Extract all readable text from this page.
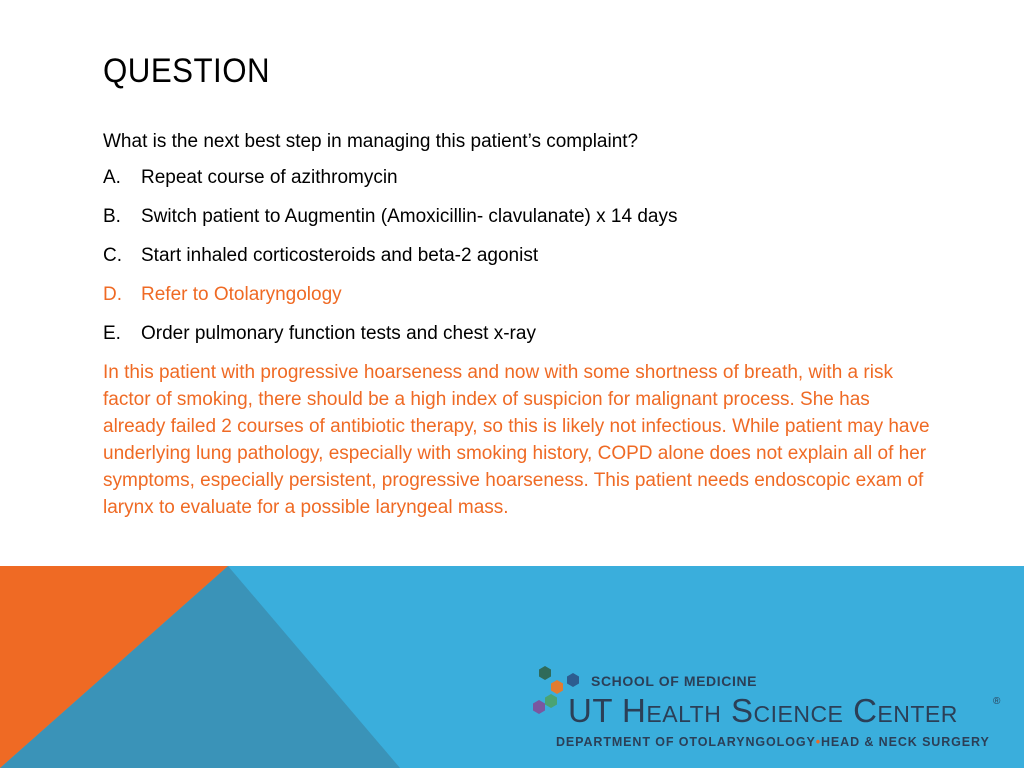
QUESTION

What is the next best step in managing this patient’s complaint?

A.	Repeat course of azithromycin
B.	Switch patient to Augmentin (Amoxicillin- clavulanate) x 14 days
C.	Start inhaled corticosteroids and beta-2 agonist
D.	Refer to Otolaryngology
E.	Order pulmonary function tests and chest x-ray

In this patient with progressive hoarseness and now with some shortness of breath, with a risk factor of smoking, there should be a high index of suspicion for malignant process. She has already failed 2 courses of antibiotic therapy, so this is likely not infectious. While patient may have underlying lung pathology, especially with smoking history, COPD alone does not explain all of her symptoms, especially persistent, progressive hoarseness. This patient needs endoscopic exam of larynx to evaluate for a possible laryngeal mass.

SCHOOL OF MEDICINE
UT Health Science Center	®
DEPARTMENT OF OTOLARYNGOLOGY•HEAD & NECK SURGERY
